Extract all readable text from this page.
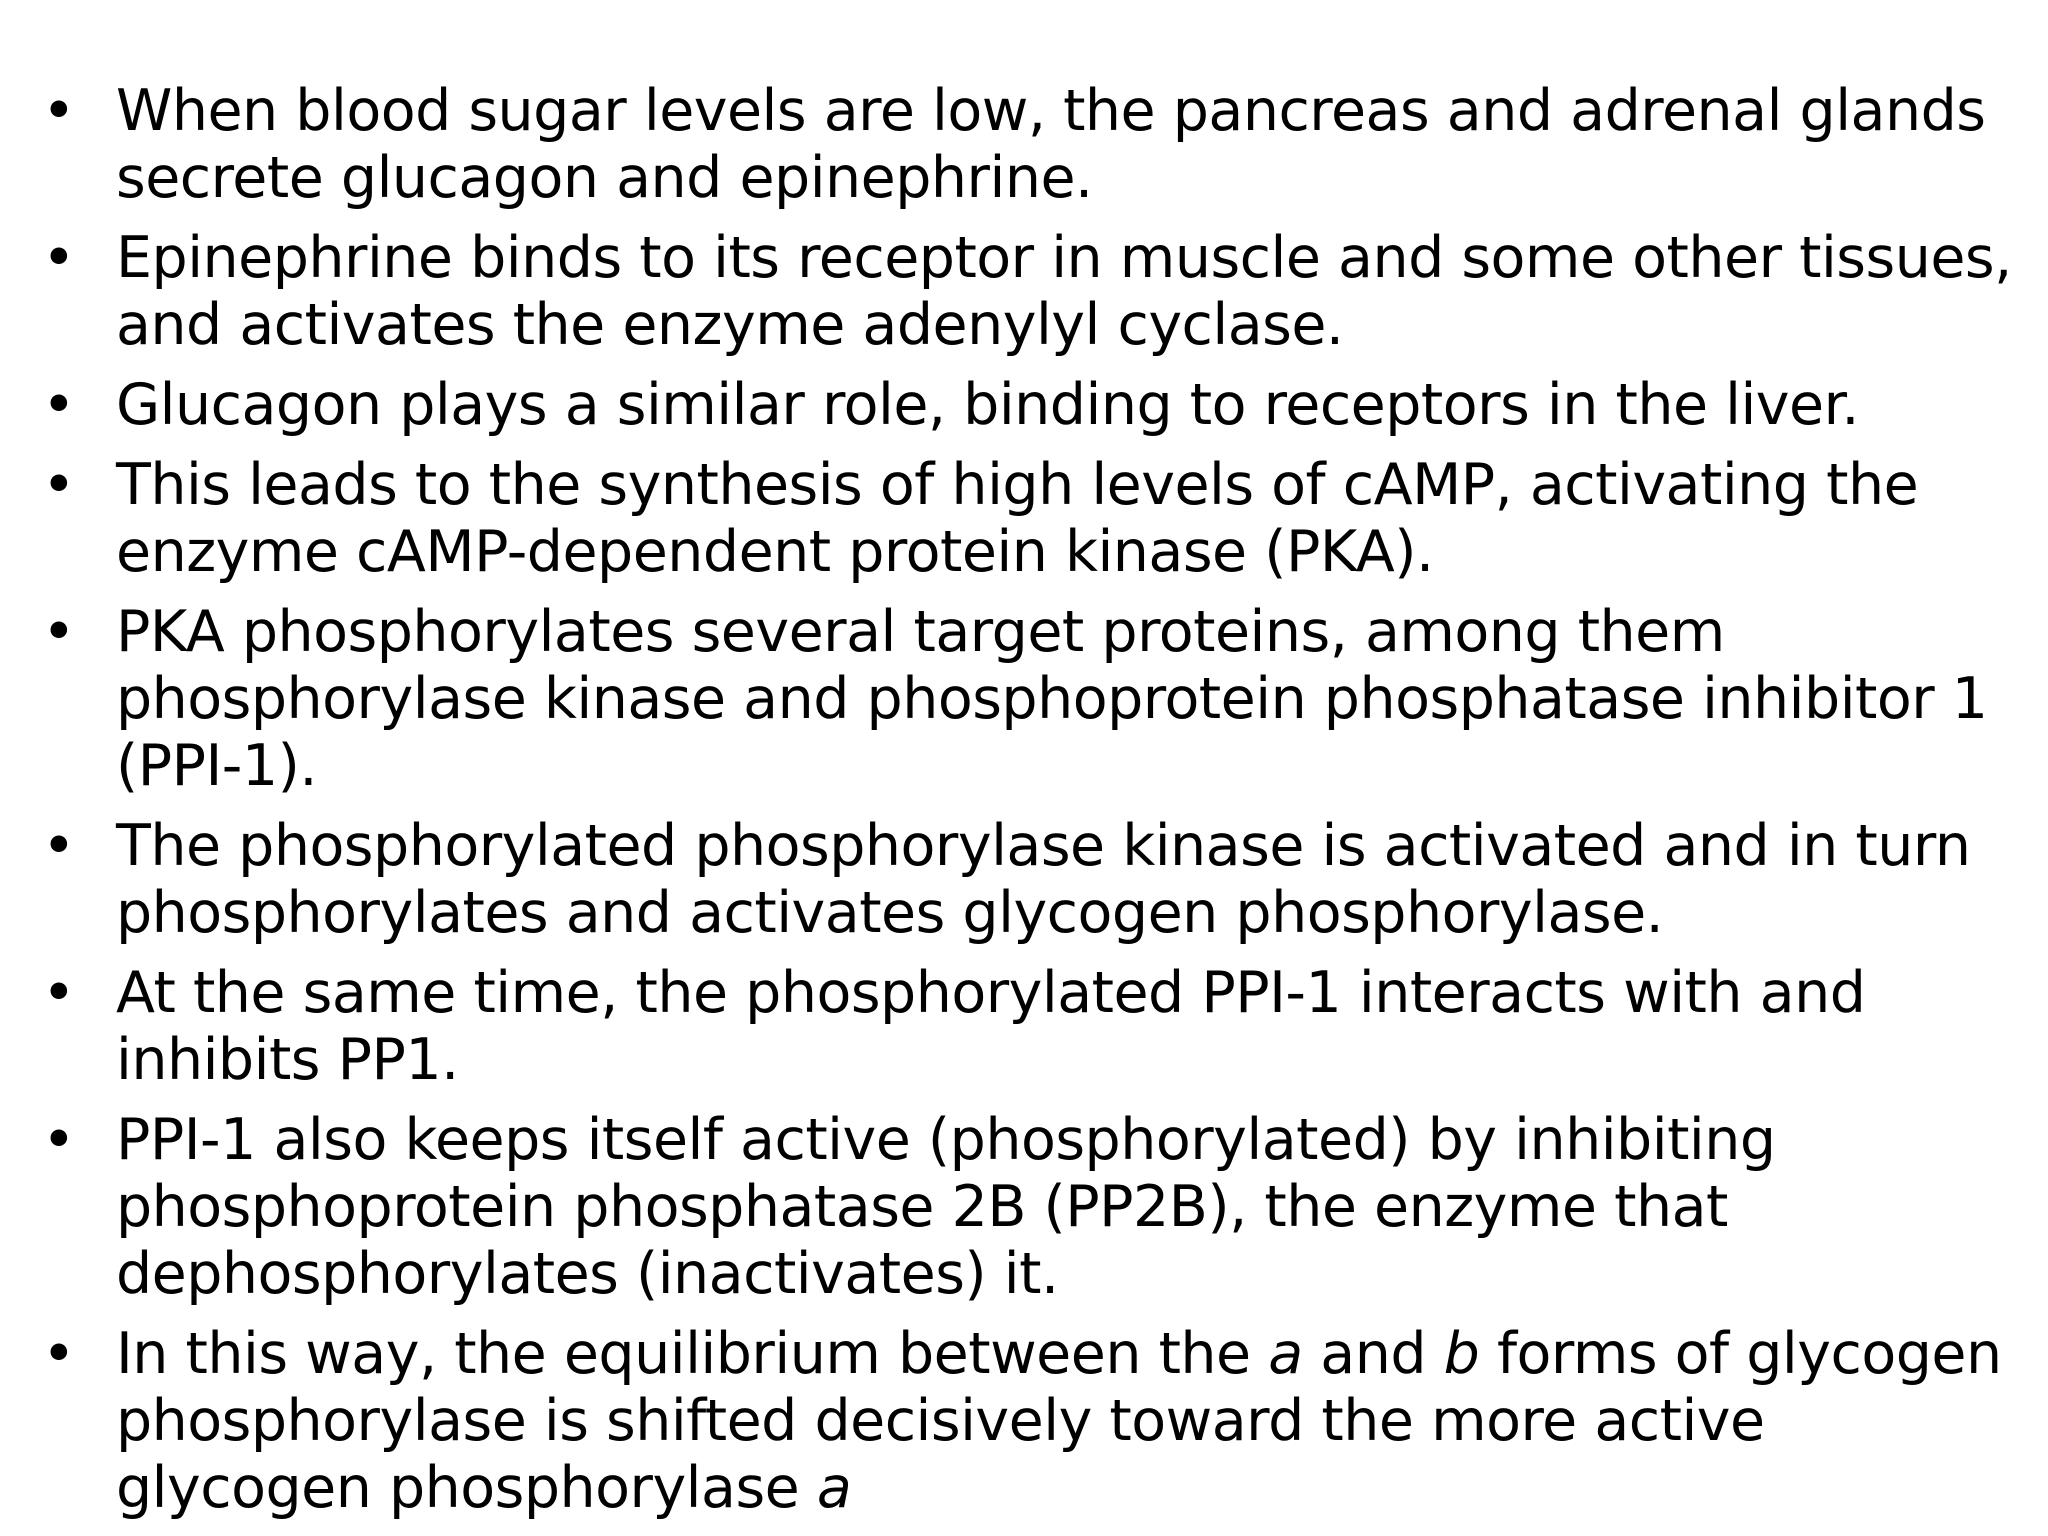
• When blood sugar levels are low, the pancreas and adrenal glands secrete glucagon and epinephrine.
• Epinephrine binds to its receptor in muscle and some other tissues, and activates the enzyme adenylyl cyclase.
• Glucagon plays a similar role, binding to receptors in the liver.
• This leads to the synthesis of high levels of cAMP, activating the enzyme cAMP-dependent protein kinase (PKA).
• PKA phosphorylates several target proteins, among them phosphorylase kinase and phosphoprotein phosphatase inhibitor 1 (PPI-1).
• The phosphorylated phosphorylase kinase is activated and in turn phosphorylates and activates glycogen phosphorylase.
• At the same time, the phosphorylated PPI-1 interacts with and inhibits PP1.
• PPI-1 also keeps itself active (phosphorylated) by inhibiting phosphoprotein phosphatase 2B (PP2B), the enzyme that dephosphorylates (inactivates) it.
• In this way, the equilibrium between the a and b forms of glycogen phosphorylase is shifted decisively toward the more active glycogen phosphorylase a
